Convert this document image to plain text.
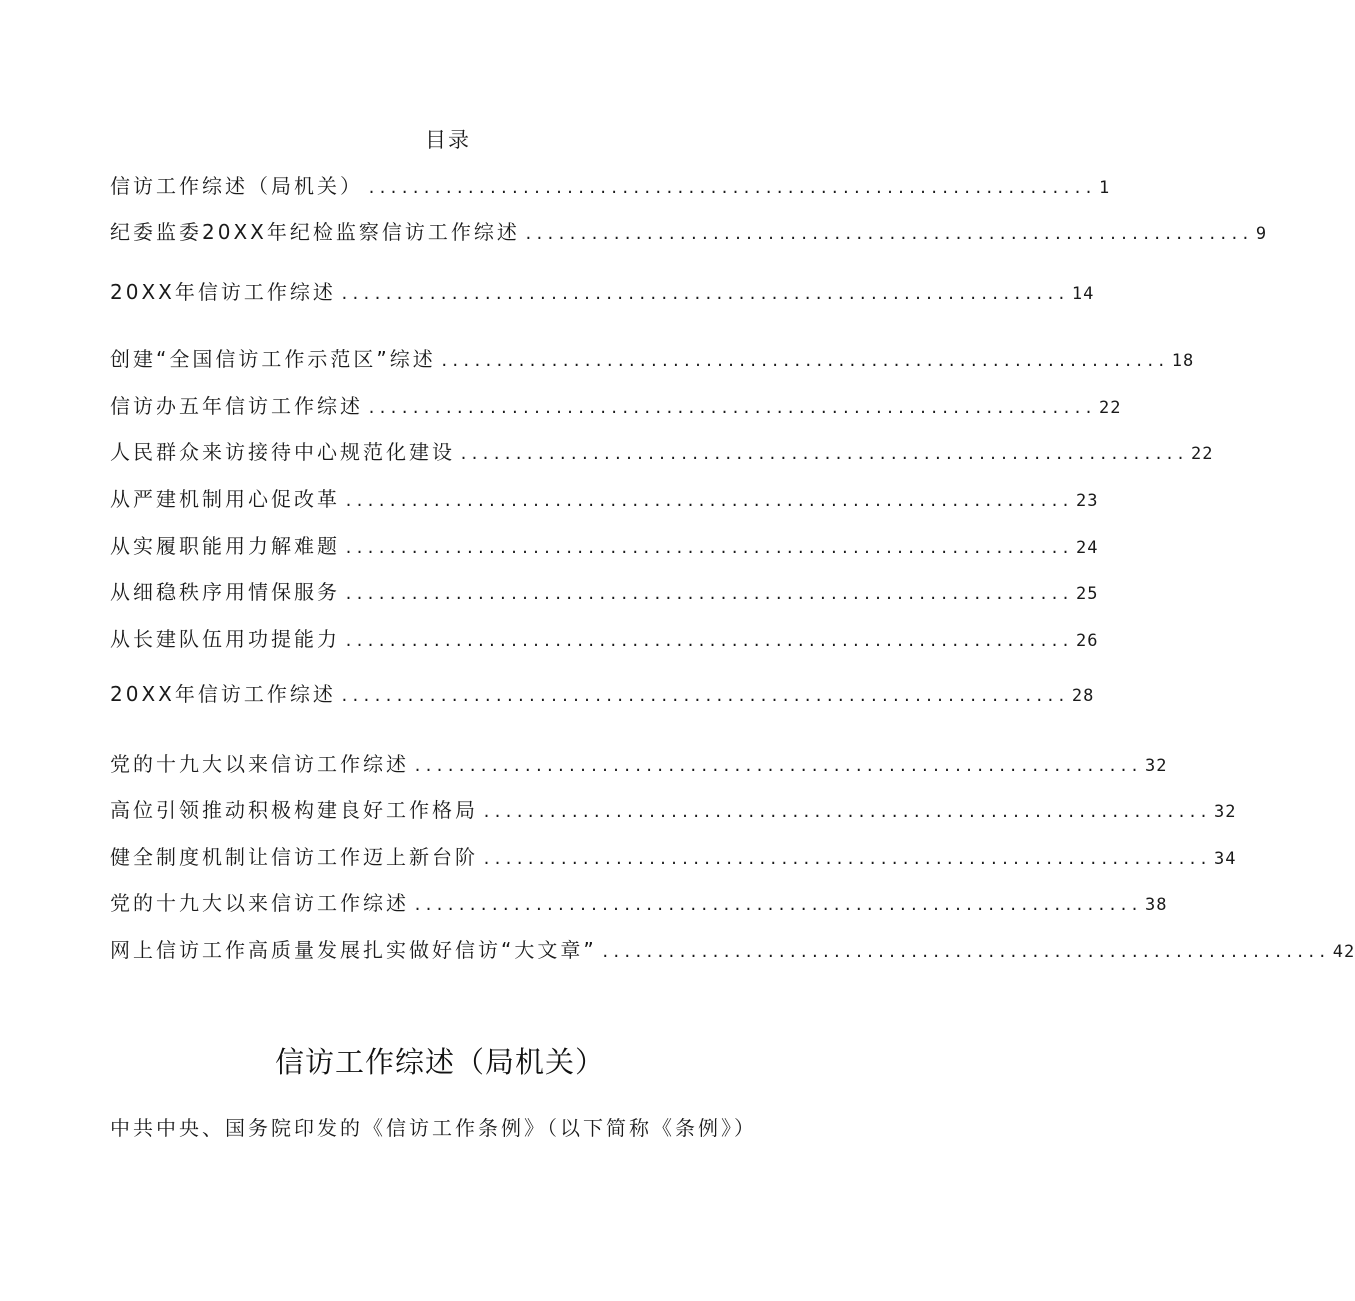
目录
信访工作综述（局机关） .................................................................. 1
纪委监委20XX年纪检监察信访工作综述 .................................................................. 9
20XX年信访工作综述 .................................................................. 14
创建“全国信访工作示范区”综述 .................................................................. 18
信访办五年信访工作综述 .................................................................. 22
人民群众来访接待中心规范化建设 .................................................................. 22
从严建机制用心促改革 .................................................................. 23
从实履职能用力解难题 .................................................................. 24
从细稳秩序用情保服务 .................................................................. 25
从长建队伍用功提能力 .................................................................. 26
20XX年信访工作综述 .................................................................. 28
党的十九大以来信访工作综述 .................................................................. 32
高位引领推动积极构建良好工作格局 .................................................................. 32
健全制度机制让信访工作迈上新台阶 .................................................................. 34
党的十九大以来信访工作综述 .................................................................. 38
网上信访工作高质量发展扎实做好信访“大文章” .................................................................. 42
信访工作综述（局机关）
中共中央、国务院印发的《信访工作条例》（以下简称《条例》）
